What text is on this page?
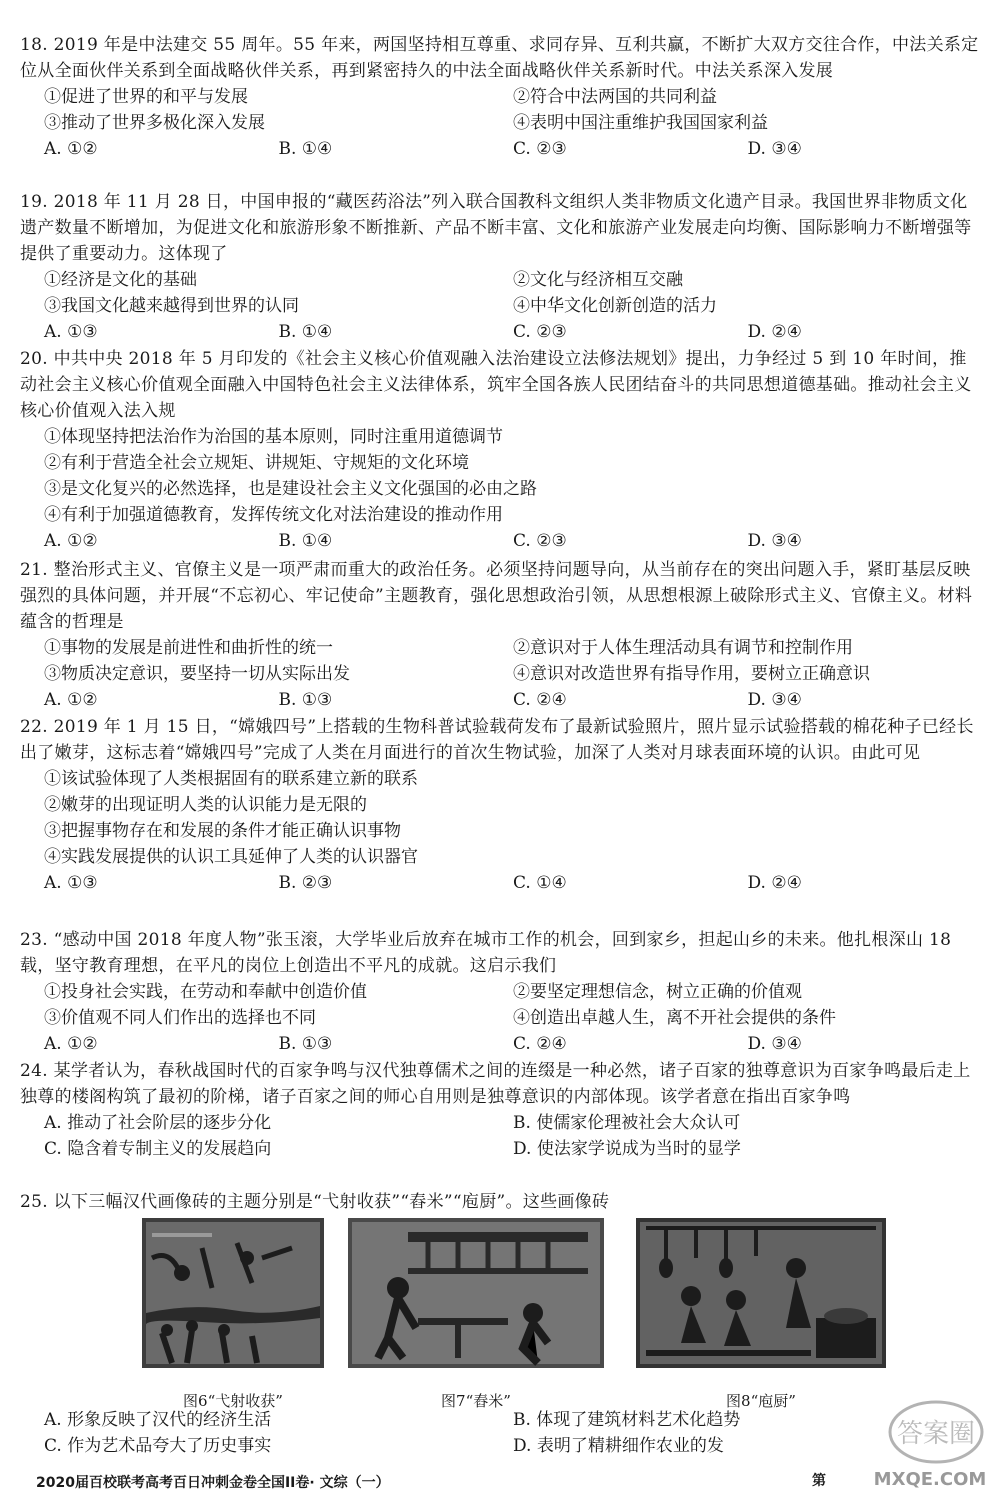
18. 2019 年是中法建交 55 周年。55 年来，两国坚持相互尊重、求同存异、互利共赢，不断扩大双方交往合作，中法关系定位从全面伙伴关系到全面战略伙伴关系，再到紧密持久的中法全面战略伙伴关系新时代。中法关系深入发展

①促进了世界的和平与发展	②符合中法两国的共同利益
③推动了世界多极化深入发展	④表明中国注重维护我国国家利益
A. ①②	B. ①④	C. ②③	D. ③④

19. 2018 年 11 月 28 日，中国申报的“藏医药浴法”列入联合国教科文组织人类非物质文化遗产目录。我国世界非物质文化遗产数量不断增加，为促进文化和旅游形象不断推新、产品不断丰富、文化和旅游产业发展走向均衡、国际影响力不断增强等提供了重要动力。这体现了

①经济是文化的基础	②文化与经济相互交融
③我国文化越来越得到世界的认同	④中华文化创新创造的活力
A. ①③	B. ①④	C. ②③	D. ②④

20. 中共中央 2018 年 5 月印发的《社会主义核心价值观融入法治建设立法修法规划》提出，力争经过 5 到 10 年时间，推动社会主义核心价值观全面融入中国特色社会主义法律体系，筑牢全国各族人民团结奋斗的共同思想道德基础。推动社会主义核心价值观入法入规

①体现坚持把法治作为治国的基本原则，同时注重用道德调节
②有利于营造全社会立规矩、讲规矩、守规矩的文化环境
③是文化复兴的必然选择，也是建设社会主义文化强国的必由之路
④有利于加强道德教育，发挥传统文化对法治建设的推动作用
A. ①②	B. ①④	C. ②③	D. ③④

21. 整治形式主义、官僚主义是一项严肃而重大的政治任务。必须坚持问题导向，从当前存在的突出问题入手，紧盯基层反映强烈的具体问题，并开展“不忘初心、牢记使命”主题教育，强化思想政治引领，从思想根源上破除形式主义、官僚主义。材料蕴含的哲理是

①事物的发展是前进性和曲折性的统一	②意识对于人体生理活动具有调节和控制作用
③物质决定意识，要坚持一切从实际出发	④意识对改造世界有指导作用，要树立正确意识
A. ①②	B. ①③	C. ②④	D. ③④

22. 2019 年 1 月 15 日，“嫦娥四号”上搭载的生物科普试验载荷发布了最新试验照片，照片显示试验搭载的棉花种子已经长出了嫩芽，这标志着“嫦娥四号”完成了人类在月面进行的首次生物试验，加深了人类对月球表面环境的认识。由此可见

①该试验体现了人类根据固有的联系建立新的联系
②嫩芽的出现证明人类的认识能力是无限的
③把握事物存在和发展的条件才能正确认识事物
④实践发展提供的认识工具延伸了人类的认识器官
A. ①③	B. ②③	C. ①④	D. ②④

23. “感动中国 2018 年度人物”张玉滚，大学毕业后放弃在城市工作的机会，回到家乡，担起山乡的未来。他扎根深山 18 载，坚守教育理想，在平凡的岗位上创造出不平凡的成就。这启示我们

①投身社会实践，在劳动和奉献中创造价值	②要坚定理想信念，树立正确的价值观
③价值观不同人们作出的选择也不同	④创造出卓越人生，离不开社会提供的条件
A. ①②	B. ①③	C. ②④	D. ③④

24. 某学者认为，春秋战国时代的百家争鸣与汉代独尊儒术之间的连缀是一种必然，诸子百家的独尊意识为百家争鸣最后走上独尊的楼阁构筑了最初的阶梯，诸子百家之间的师心自用则是独尊意识的内部体现。该学者意在指出百家争鸣

A. 推动了社会阶层的逐步分化	B. 使儒家伦理被社会大众认可
C. 隐含着专制主义的发展趋向	D. 使法家学说成为当时的显学

25. 以下三幅汉代画像砖的主题分别是“弋射收获”“舂米”“庖厨”。这些画像砖

图6“弋射收获”	图7“舂米”	图8“庖厨”
A. 形象反映了汉代的经济生活	B. 体现了建筑材料艺术化趋势
C. 作为艺术品夸大了历史事实	D. 表明了精耕细作农业的发
2020届百校联考高考百日冲刺金卷全国II卷· 文综（一）	第
答案圈
MXQE.COM
